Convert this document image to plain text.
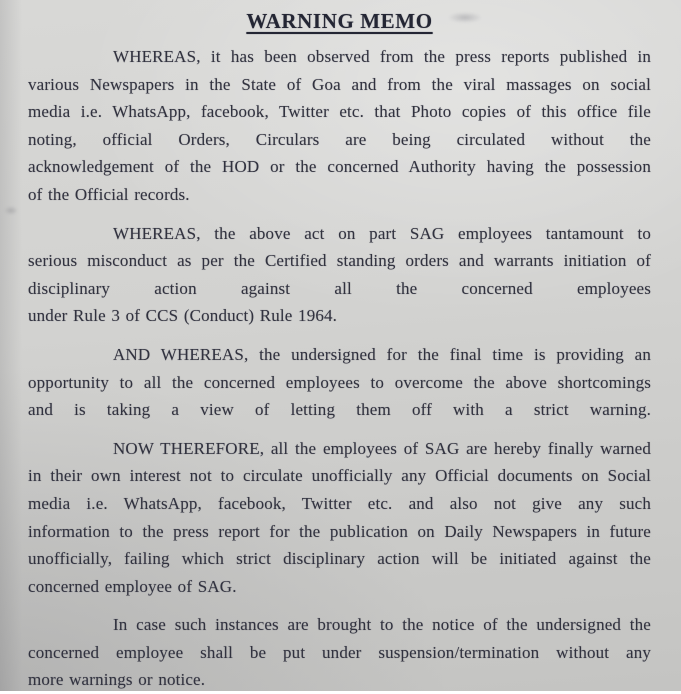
WARNING MEMO
WHEREAS, it has been observed from the press reports published in
various Newspapers in the State of Goa and from the viral massages on social
media i.e. WhatsApp, facebook, Twitter etc. that Photo copies of this office file
noting, official Orders, Circulars are being circulated without the
acknowledgement of the HOD or the concerned Authority having the possession
of the Official records.
WHEREAS, the above act on part SAG employees tantamount to
serious misconduct as per the Certified standing orders and warrants initiation of
disciplinary action against all the concerned employees
under Rule 3 of CCS (Conduct) Rule 1964.
AND WHEREAS, the undersigned for the final time is providing an
opportunity to all the concerned employees to overcome the above shortcomings
and is taking a view of letting them off with a strict warning.
NOW THEREFORE, all the employees of SAG are hereby finally warned
in their own interest not to circulate unofficially any Official documents on Social
media i.e. WhatsApp, facebook, Twitter etc. and also not give any such
information to the press report for the publication on Daily Newspapers in future
unofficially, failing which strict disciplinary action will be initiated against the
concerned employee of SAG.
In case such instances are brought to the notice of the undersigned the
concerned employee shall be put under suspension/termination without any
more warnings or notice.
